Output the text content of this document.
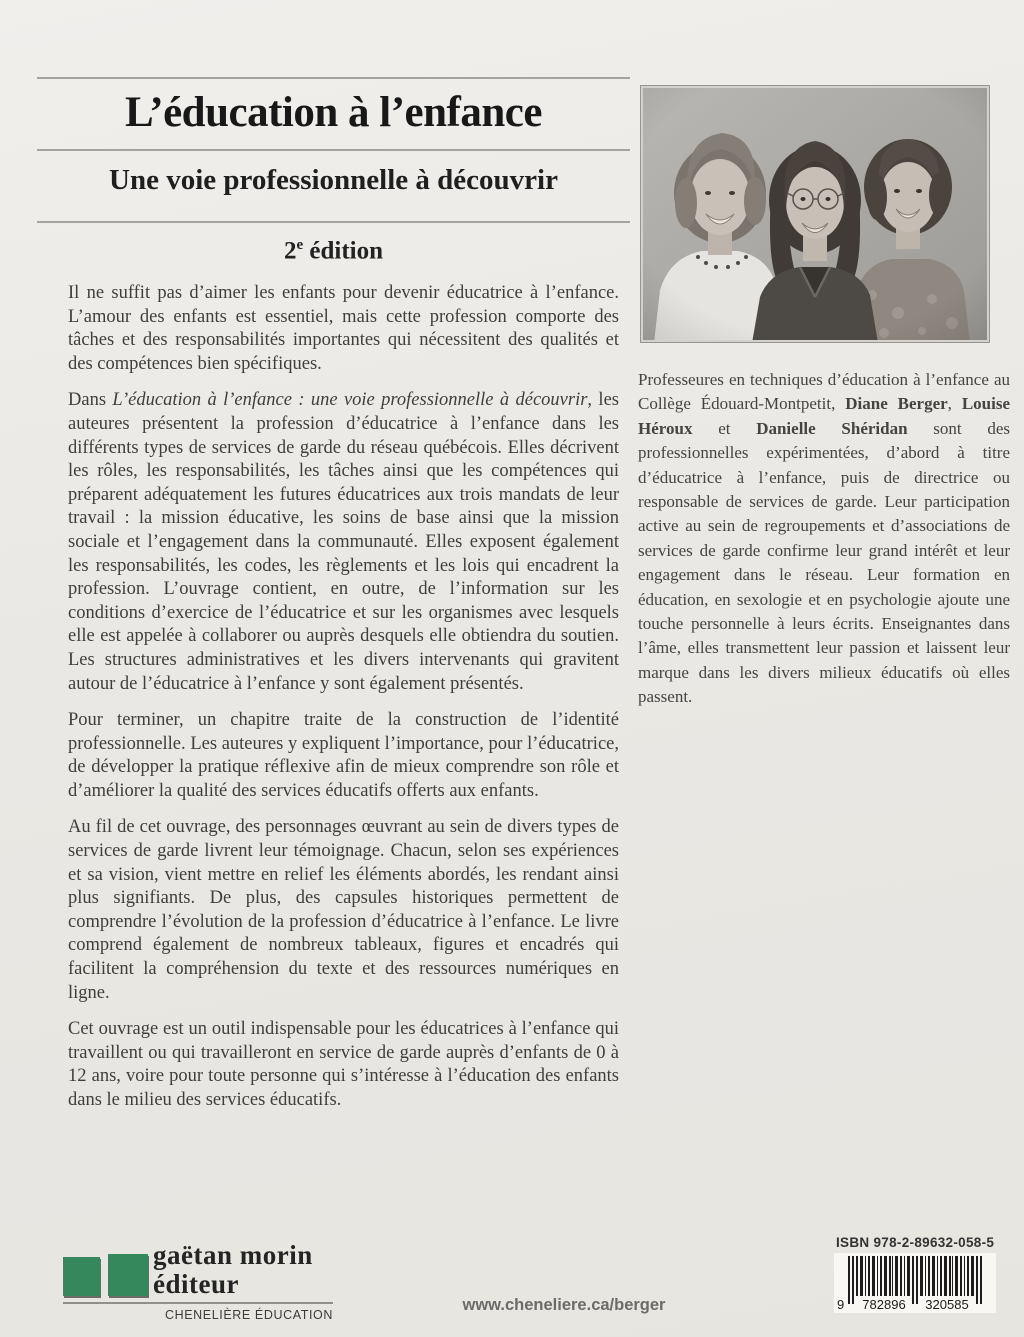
L’éducation à l’enfance
Une voie professionnelle à découvrir
2e édition

Il ne suffit pas d’aimer les enfants pour devenir éducatrice à l’enfance. L’amour des enfants est essentiel, mais cette profession comporte des tâches et des responsabilités importantes qui nécessitent des qualités et des compétences bien spécifiques.

Dans L’éducation à l’enfance : une voie professionnelle à découvrir, les auteures présentent la profession d’éducatrice à l’enfance dans les différents types de services de garde du réseau québécois. Elles décrivent les rôles, les responsabilités, les tâches ainsi que les compétences qui préparent adéquatement les futures éducatrices aux trois mandats de leur travail : la mission éducative, les soins de base ainsi que la mission sociale et l’engagement dans la communauté. Elles exposent également les responsabilités, les codes, les règlements et les lois qui encadrent la profession. L’ouvrage contient, en outre, de l’information sur les conditions d’exercice de l’éducatrice et sur les organismes avec lesquels elle est appelée à collaborer ou auprès desquels elle obtiendra du soutien. Les structures administratives et les divers intervenants qui gravitent autour de l’éducatrice à l’enfance y sont également présentés.

Pour terminer, un chapitre traite de la construction de l’identité professionnelle. Les auteures y expliquent l’importance, pour l’éducatrice, de développer la pratique réflexive afin de mieux comprendre son rôle et d’améliorer la qualité des services éducatifs offerts aux enfants.

Au fil de cet ouvrage, des personnages œuvrant au sein de divers types de services de garde livrent leur témoignage. Chacun, selon ses expériences et sa vision, vient mettre en relief les éléments abordés, les rendant ainsi plus signifiants. De plus, des capsules historiques permettent de comprendre l’évolution de la profession d’éducatrice à l’enfance. Le livre comprend également de nombreux tableaux, figures et encadrés qui facilitent la compréhension du texte et des ressources numériques en ligne.

Cet ouvrage est un outil indispensable pour les éducatrices à l’enfance qui travaillent ou qui travailleront en service de garde auprès d’enfants de 0 à 12 ans, voire pour toute personne qui s’intéresse à l’éducation des enfants dans le milieu des services éducatifs.

Professeures en techniques d’éducation à l’enfance au Collège Édouard-Montpetit, Diane Berger, Louise Héroux et Danielle Shéridan sont des professionnelles expérimentées, d’abord à titre d’éducatrice à l’enfance, puis de directrice ou responsable de services de garde. Leur participation active au sein de regroupements et d’associations de services de garde confirme leur grand intérêt et leur engagement dans le réseau. Leur formation en éducation, en sexologie et en psychologie ajoute une touche personnelle à leurs écrits. Enseignantes dans l’âme, elles transmettent leur passion et laissent leur marque dans les divers milieux éducatifs où elles passent.
gaëtan morin
éditeur
CHENELIÈRE ÉDUCATION
www.cheneliere.ca/berger
ISBN 978-2-89632-058-5
9 782896 320585
